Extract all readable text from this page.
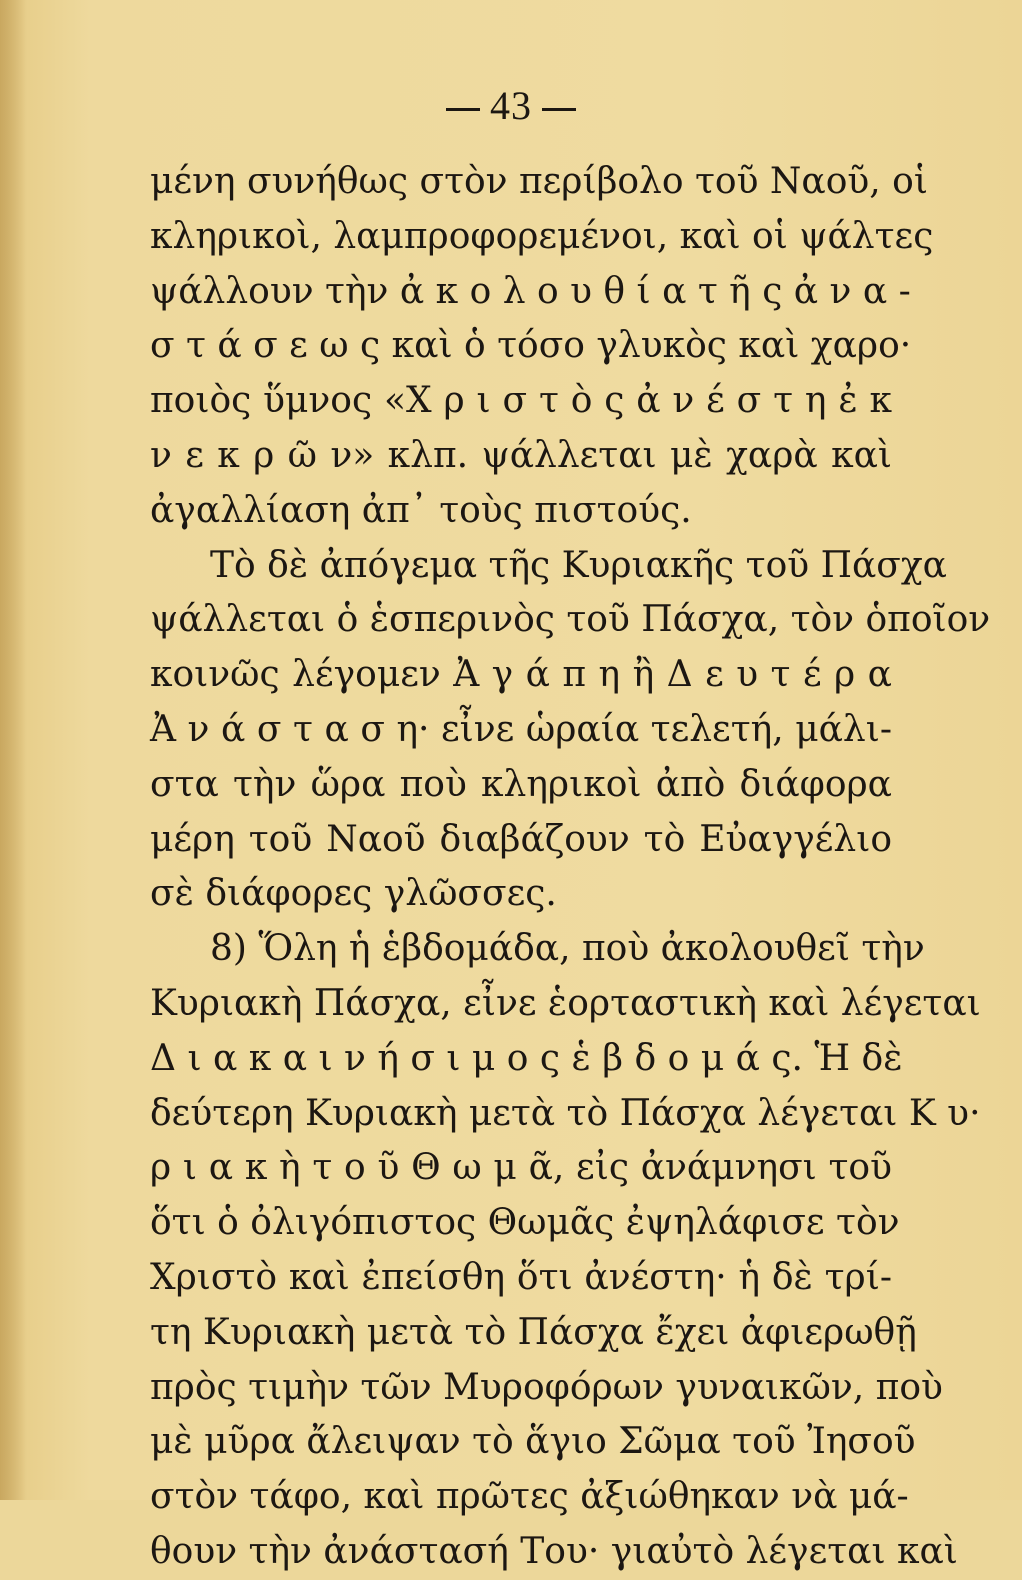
43
μένη συνήθως στὸν περίβολο τοῦ Ναοῦ, οἱ
κληρικοὶ, λαμπροφορεμένοι, καὶ οἱ ψάλτες
ψάλλουν τὴν ἀ κ ο λ ο υ θ ί α τ ῆ ς ἀ ν α -
σ τ ά σ ε ω ς καὶ ὁ τόσο γλυκὸς καὶ χαρο·
ποιὸς ὕμνος «Χ ρ ι σ τ ὸ ς ἀ ν έ σ τ η ἐ κ
ν ε κ ρ ῶ ν» κλπ. ψάλλεται μὲ χαρὰ καὶ
ἀγαλλίαση ἀπ᾿ τοὺς πιστούς.
Τὸ δὲ ἀπόγεμα τῆς Κυριακῆς τοῦ Πάσχα
ψάλλεται ὁ ἑσπερινὸς τοῦ Πάσχα, τὸν ὁποῖον
κοινῶς λέγομεν Ἀ γ ά π η ἢ Δ ε υ τ έ ρ α
Ἀ ν ά σ τ α σ η· εἶνε ὡραία τελετή, μάλι-
στα τὴν ὥρα ποὺ κληρικοὶ ἀπὸ διάφορα
μέρη τοῦ Ναοῦ διαβάζουν τὸ Εὐαγγέλιο
σὲ διάφορες γλῶσσες.
8) Ὅλη ἡ ἑβδομάδα, ποὺ ἀκολουθεῖ τὴν
Κυριακὴ Πάσχα, εἶνε ἑορταστικὴ καὶ λέγεται
Δ ι α κ α ι ν ή σ ι μ ο ς ἑ β δ ο μ ά ς. Ἡ δὲ
δεύτερη Κυριακὴ μετὰ τὸ Πάσχα λέγεται Κ υ·
ρ ι α κ ὴ τ ο ῦ Θ ω μ ᾶ, εἰς ἀνάμνησι τοῦ
ὅτι ὁ ὀλιγόπιστος Θωμᾶς ἐψηλάφισε τὸν
Χριστὸ καὶ ἐπείσθη ὅτι ἀνέστη· ἡ δὲ τρί-
τη Κυριακὴ μετὰ τὸ Πάσχα ἔχει ἀφιερωθῇ
πρὸς τιμὴν τῶν Μυροφόρων γυναικῶν, ποὺ
μὲ μῦρα ἄλειψαν τὸ ἅγιο Σῶμα τοῦ Ἰησοῦ
στὸν τάφο, καὶ πρῶτες ἀξιώθηκαν νὰ μά-
θουν τὴν ἀνάστασή Του· γιαὐτὸ λέγεται καὶ
